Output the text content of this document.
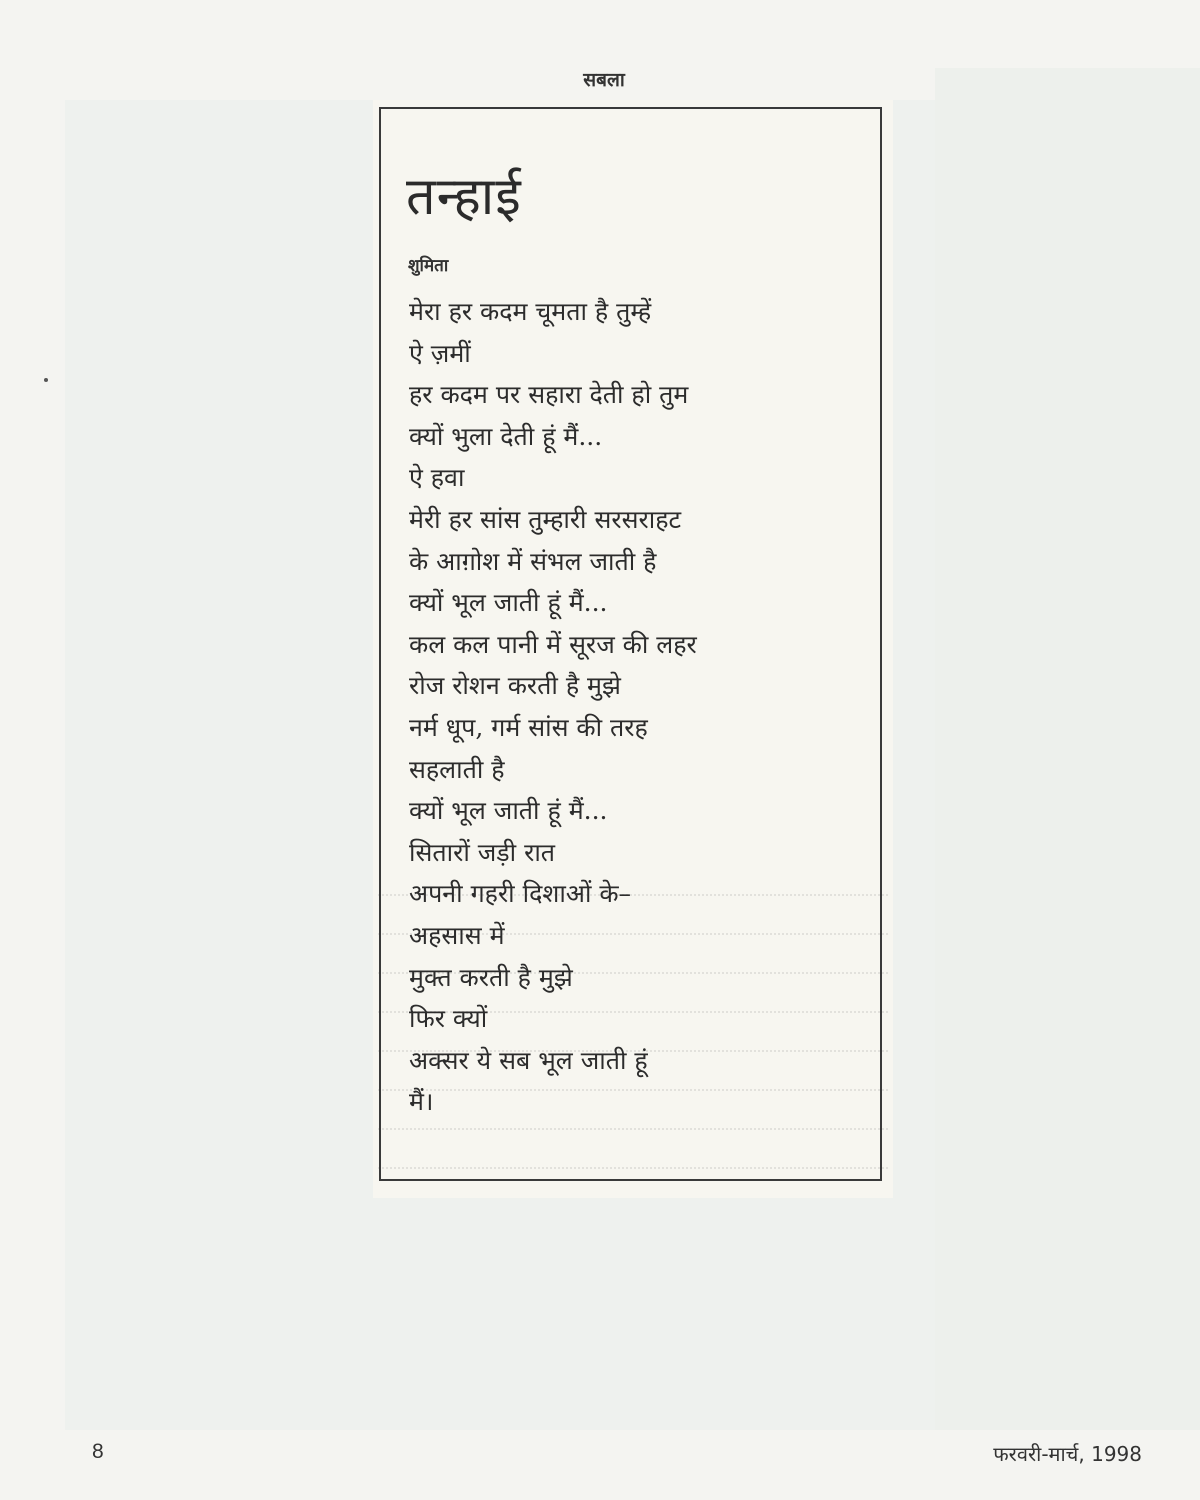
सबला
तन्हाई
शुमिता
मेरा हर कदम चूमता है तुम्हें
ऐ ज़मीं
हर कदम पर सहारा देती हो तुम
क्यों भुला देती हूं मैं...
ऐ हवा
मेरी हर सांस तुम्हारी सरसराहट
के आग़ोश में संभल जाती है
क्यों भूल जाती हूं मैं...
कल कल पानी में सूरज की लहर
रोज रोशन करती है मुझे
नर्म धूप, गर्म सांस की तरह
सहलाती है
क्यों भूल जाती हूं मैं...
सितारों जड़ी रात
अपनी गहरी दिशाओं के–
अहसास में
मुक्त करती है मुझे
फिर क्यों
अक्सर ये सब भूल जाती हूं
मैं।
8	फरवरी-मार्च, 1998
